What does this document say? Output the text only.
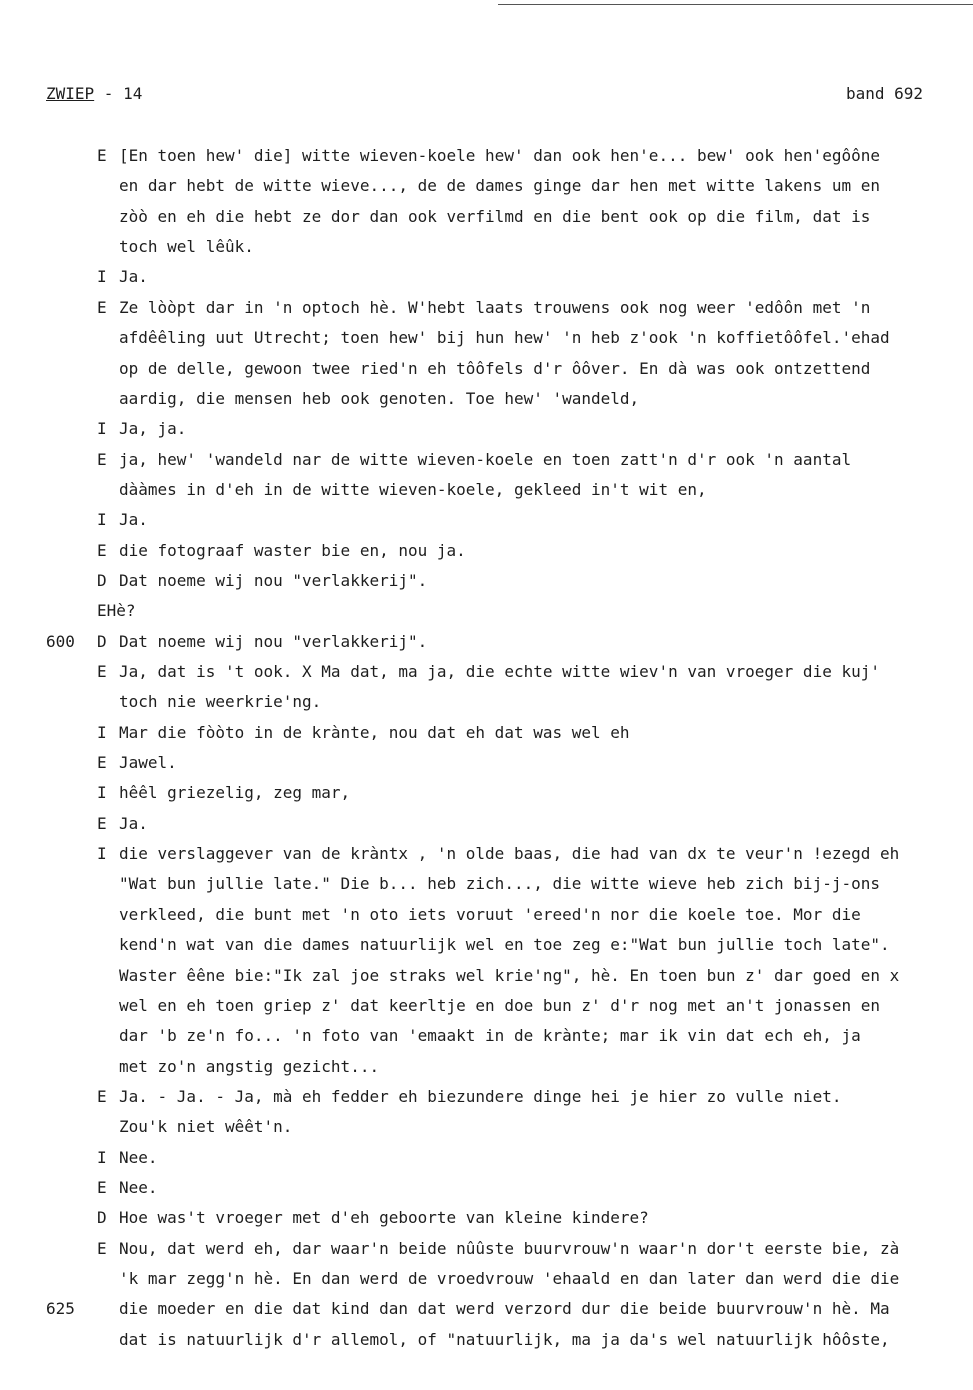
ZWIEP - 14	band 692
E [En toen hew' die] witte wieven-koele hew' dan ook hen'e... bew' ook hen'egôône
en dar hebt de witte wieve..., de de dames ginge dar hen met witte lakens um en
zòò en eh die hebt ze dor dan ook verfilmd en die bent ook op die film, dat is
toch wel lêûk.
I Ja.
E Ze lòòpt dar in 'n optoch hè. W'hebt laats trouwens ook nog weer 'edôôn met 'n
afdêêling uut Utrecht; toen hew' bij hun hew' 'n heb z'ook 'n koffietôôfel.'ehad
op de delle, gewoon twee ried'n eh tôôfels d'r ôôver. En dà was ook ontzettend
aardig, die mensen heb ook genoten. Toe hew' 'wandeld,
I Ja, ja.
E ja, hew' 'wandeld nar de witte wieven-koele en toen zatt'n d'r ook 'n aantal
dààmes in d'eh in de witte wieven-koele, gekleed in't wit en,
I Ja.
E die fotograaf waster bie en, nou ja.
D Dat noeme wij nou "verlakkerij".
EHè?
600 D Dat noeme wij nou "verlakkerij".
E Ja, dat is 't ook. X Ma dat, ma ja, die echte witte wiev'n van vroeger die kuj'
toch nie weerkrie'ng.
I Mar die fòòto in de krànte, nou dat eh dat was wel eh
E Jawel.
I hêêl griezelig, zeg mar,
E Ja.
I die verslaggever van de kràntx , 'n olde baas, die had van dx te veur'n !ezegd eh
"Wat bun jullie late." Die b... heb zich..., die witte wieve heb zich bij-j-ons
verkleed, die bunt met 'n oto iets voruut 'ereed'n nor die koele toe. Mor die
kend'n wat van die dames natuurlijk wel en toe zeg e:"Wat bun jullie toch late".
Waster êêne bie:"Ik zal joe straks wel krie'ng", hè. En toen bun z' dar goed en x
wel en eh toen griep z' dat keerltje en doe bun z' d'r nog met an't jonassen en
dar 'b ze'n fo... 'n foto van 'emaakt in de krànte; mar ik vin dat ech eh, ja
met zo'n angstig gezicht...
E Ja. - Ja. - Ja, mà eh fedder eh biezundere dinge hei je hier zo vulle niet.
Zou'k niet wêêt'n.
I Nee.
E Nee.
D Hoe was't vroeger met d'eh geboorte van kleine kindere?
E Nou, dat werd eh, dar waar'n beide nûûste buurvrouw'n waar'n dor't eerste bie, zà
'k mar zegg'n hè. En dan werd de vroedvrouw 'ehaald en dan later dan werd die die
625	die moeder en die dat kind dan dat werd verzord dur die beide buurvrouw'n hè. Ma
dat is natuurlijk d'r allemol, of "natuurlijk, ma ja da's wel natuurlijk hôôste,
